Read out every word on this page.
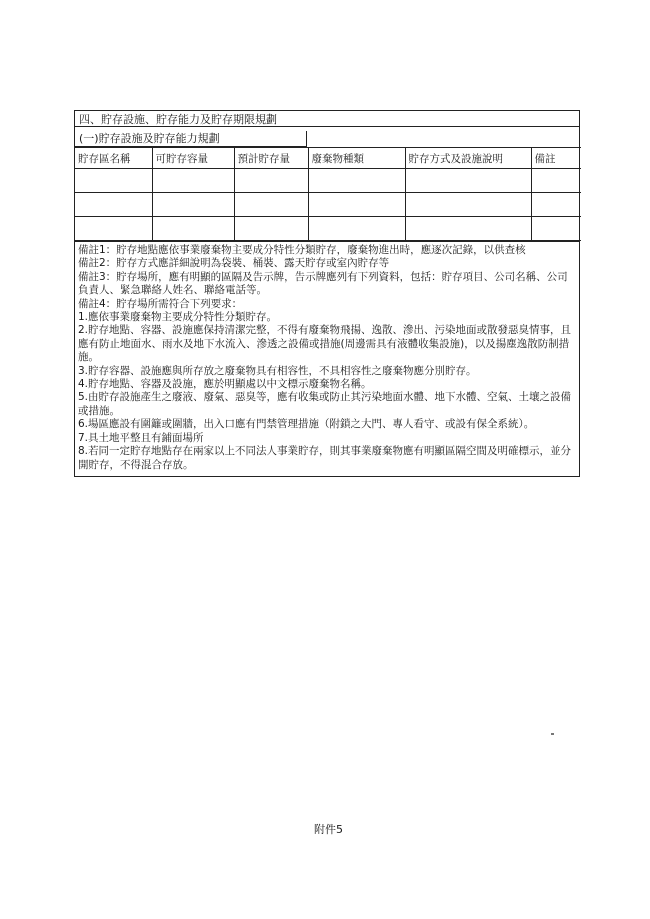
四、貯存設施、貯存能力及貯存期限規劃
(一)貯存設施及貯存能力規劃
貯存區名稱	可貯存容量	預計貯存量	廢棄物種類	貯存方式及設施說明	備註

備註1：貯存地點應依事業廢棄物主要成分特性分類貯存，廢棄物進出時，應逐次記錄，以供查核

備註2：貯存方式應詳細說明為袋裝、桶裝、露天貯存或室內貯存等

備註3：貯存場所，應有明顯的區隔及告示牌，告示牌應列有下列資料，包括：貯存項目、公司名稱、公司負責人、緊急聯絡人姓名、聯絡電話等。

備註4：貯存場所需符合下列要求：

1.應依事業廢棄物主要成分特性分類貯存。

2.貯存地點、容器、設施應保持清潔完整，不得有廢棄物飛揚、逸散、滲出、污染地面或散發惡臭情事，且應有防止地面水、雨水及地下水流入、滲透之設備或措施(周邊需具有液體收集設施)，以及揚塵逸散防制措施。

3.貯存容器、設施應與所存放之廢棄物具有相容性，不具相容性之廢棄物應分別貯存。

4.貯存地點、容器及設施，應於明顯處以中文標示廢棄物名稱。

5.由貯存設施產生之廢液、廢氣、惡臭等，應有收集或防止其污染地面水體、地下水體、空氣、土壤之設備或措施。

6.場區應設有圍籬或圍牆，出入口應有門禁管理措施（附鎖之大門、專人看守、或設有保全系統）。

7.具土地平整且有鋪面場所

8.若同一定貯存地點存在兩家以上不同法人事業貯存，則其事業廢棄物應有明顯區隔空間及明確標示，並分開貯存，不得混合存放。

附件5
